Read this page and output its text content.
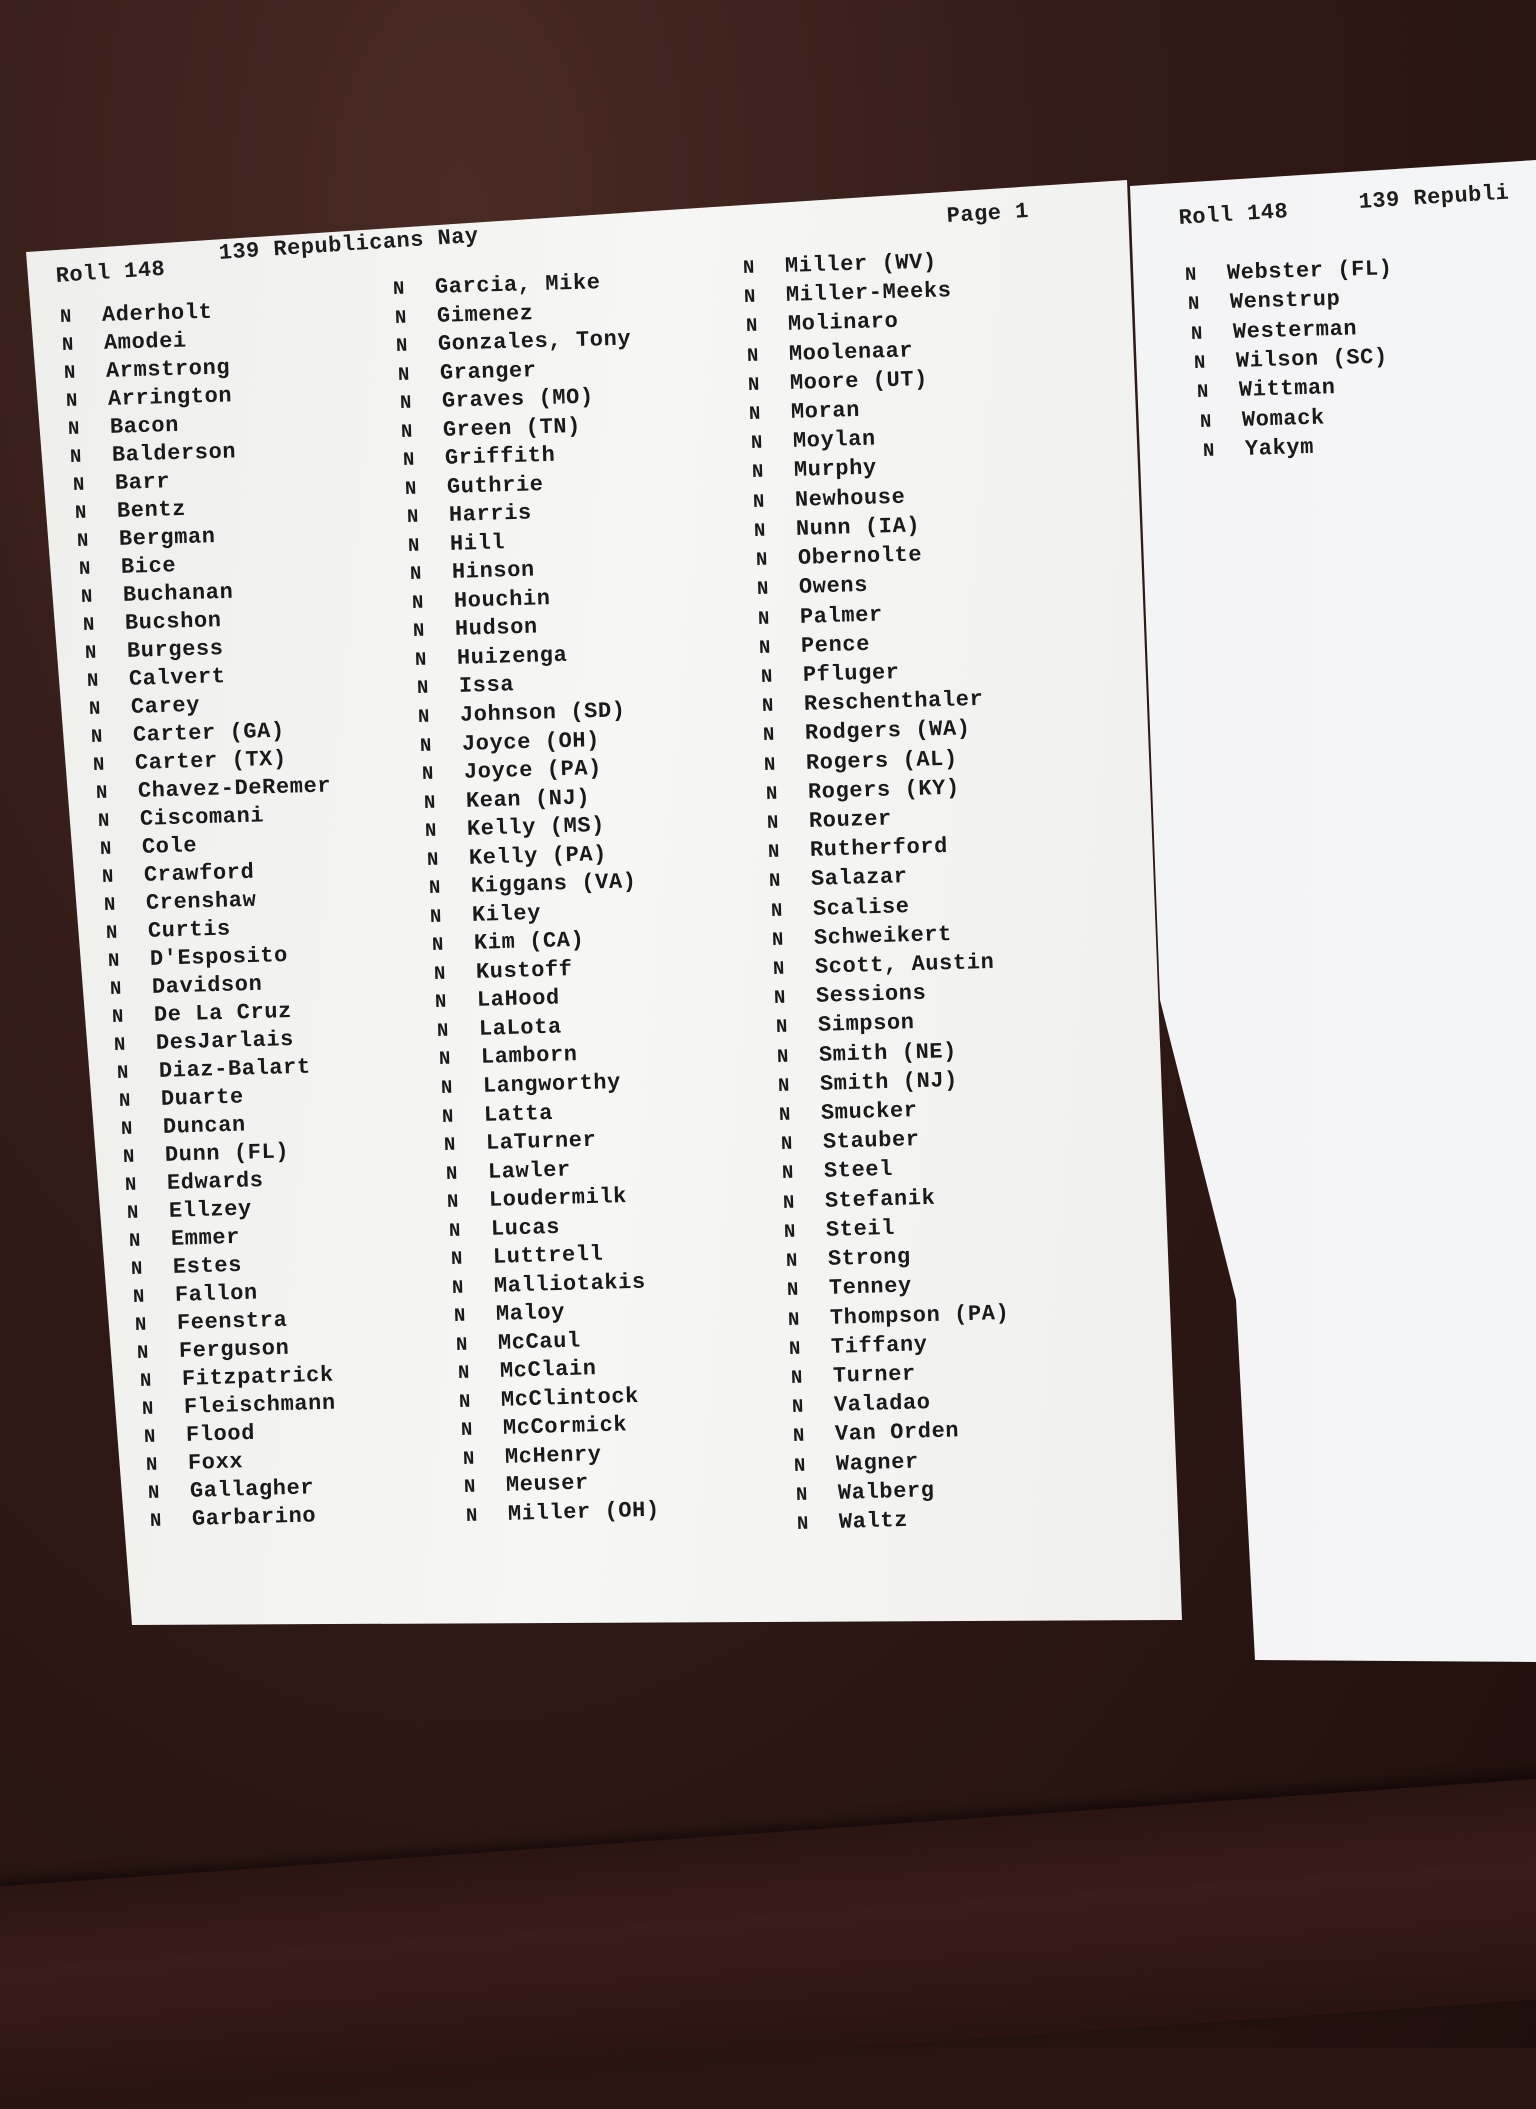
Roll 148
139 Republicans Nay
Page 1
N Aderholt
N Amodei
N Armstrong
N Arrington
N Bacon
N Balderson
N Barr
N Bentz
N Bergman
N Bice
N Buchanan
N Bucshon
N Burgess
N Calvert
N Carey
N Carter (GA)
N Carter (TX)
N Chavez-DeRemer
N Ciscomani
N Cole
N Crawford
N Crenshaw
N Curtis
N D'Esposito
N Davidson
N De La Cruz
N DesJarlais
N Diaz-Balart
N Duarte
N Duncan
N Dunn (FL)
N Edwards
N Ellzey
N Emmer
N Estes
N Fallon
N Feenstra
N Ferguson
N Fitzpatrick
N Fleischmann
N Flood
N Foxx
N Gallagher
N Garbarino
N Garcia, Mike
N Gimenez
N Gonzales, Tony
N Granger
N Graves (MO)
N Green (TN)
N Griffith
N Guthrie
N Harris
N Hill
N Hinson
N Houchin
N Hudson
N Huizenga
N Issa
N Johnson (SD)
N Joyce (OH)
N Joyce (PA)
N Kean (NJ)
N Kelly (MS)
N Kelly (PA)
N Kiggans (VA)
N Kiley
N Kim (CA)
N Kustoff
N LaHood
N LaLota
N Lamborn
N Langworthy
N Latta
N LaTurner
N Lawler
N Loudermilk
N Lucas
N Luttrell
N Malliotakis
N Maloy
N McCaul
N McClain
N McClintock
N McCormick
N McHenry
N Meuser
N Miller (OH)
N Miller (WV)
N Miller-Meeks
N Molinaro
N Moolenaar
N Moore (UT)
N Moran
N Moylan
N Murphy
N Newhouse
N Nunn (IA)
N Obernolte
N Owens
N Palmer
N Pence
N Pfluger
N Reschenthaler
N Rodgers (WA)
N Rogers (AL)
N Rogers (KY)
N Rouzer
N Rutherford
N Salazar
N Scalise
N Schweikert
N Scott, Austin
N Sessions
N Simpson
N Smith (NE)
N Smith (NJ)
N Smucker
N Stauber
N Steel
N Stefanik
N Steil
N Strong
N Tenney
N Thompson (PA)
N Tiffany
N Turner
N Valadao
N Van Orden
N Wagner
N Walberg
N Waltz
Roll 148
139 Republi
N Webster (FL)
N Wenstrup
N Westerman
N Wilson (SC)
N Wittman
N Womack
N Yakym
